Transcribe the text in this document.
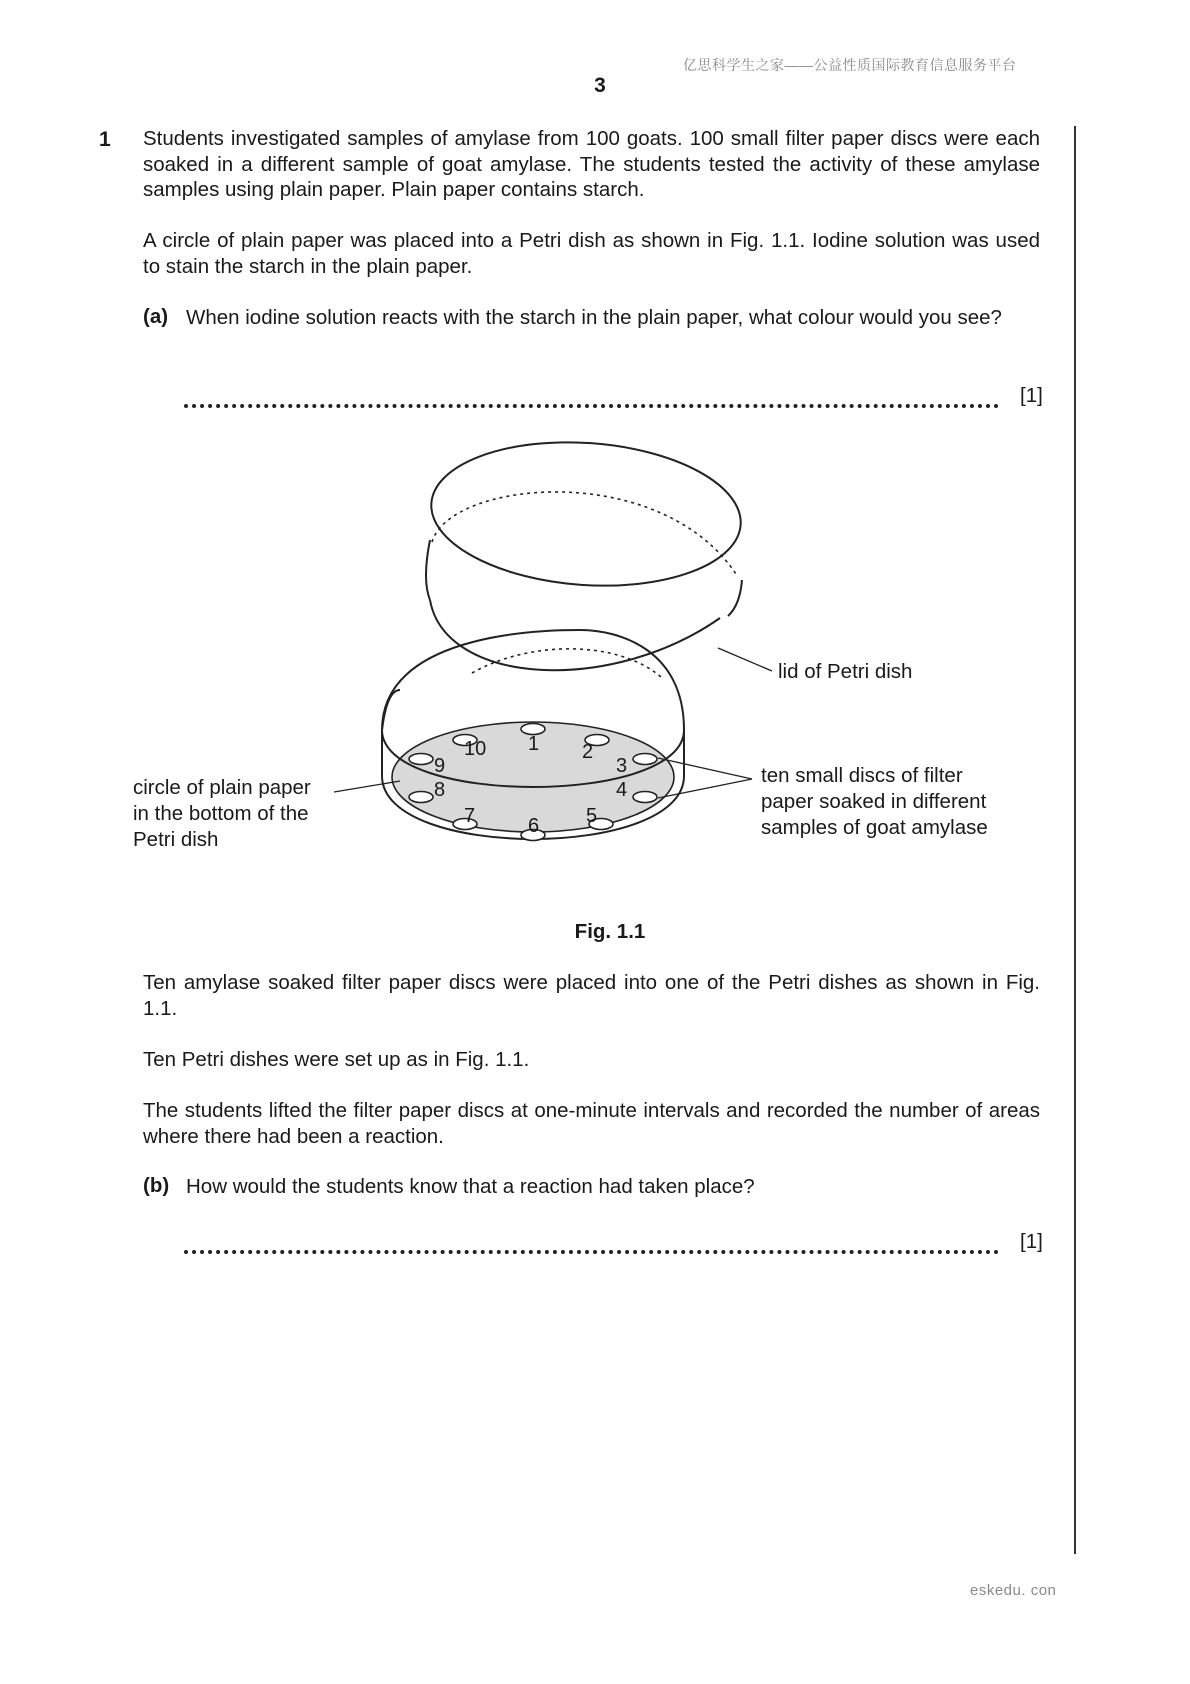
亿思科学生之家——公益性质国际教育信息服务平台
3
1 Students investigated samples of amylase from 100 goats. 100 small filter paper discs were each soaked in a different sample of goat amylase. The students tested the activity of these amylase samples using plain paper. Plain paper contains starch.
A circle of plain paper was placed into a Petri dish as shown in Fig. 1.1. Iodine solution was used to stain the starch in the plain paper.
(a) When iodine solution reacts with the starch in the plain paper, what colour would you see?
[1]
lid of Petri dish
1 2
3
4
5
6
7
8
9
10
circle of plain paper
in the bottom of the
Petri dish
ten small discs of filter
paper soaked in different
samples of goat amylase
Fig. 1.1
Ten amylase soaked filter paper discs were placed into one of the Petri dishes as shown in Fig. 1.1.
Ten Petri dishes were set up as in Fig. 1.1.
The students lifted the filter paper discs at one-minute intervals and recorded the number of areas where there had been a reaction.
(b) How would the students know that a reaction had taken place?
[1]
eskedu. con
